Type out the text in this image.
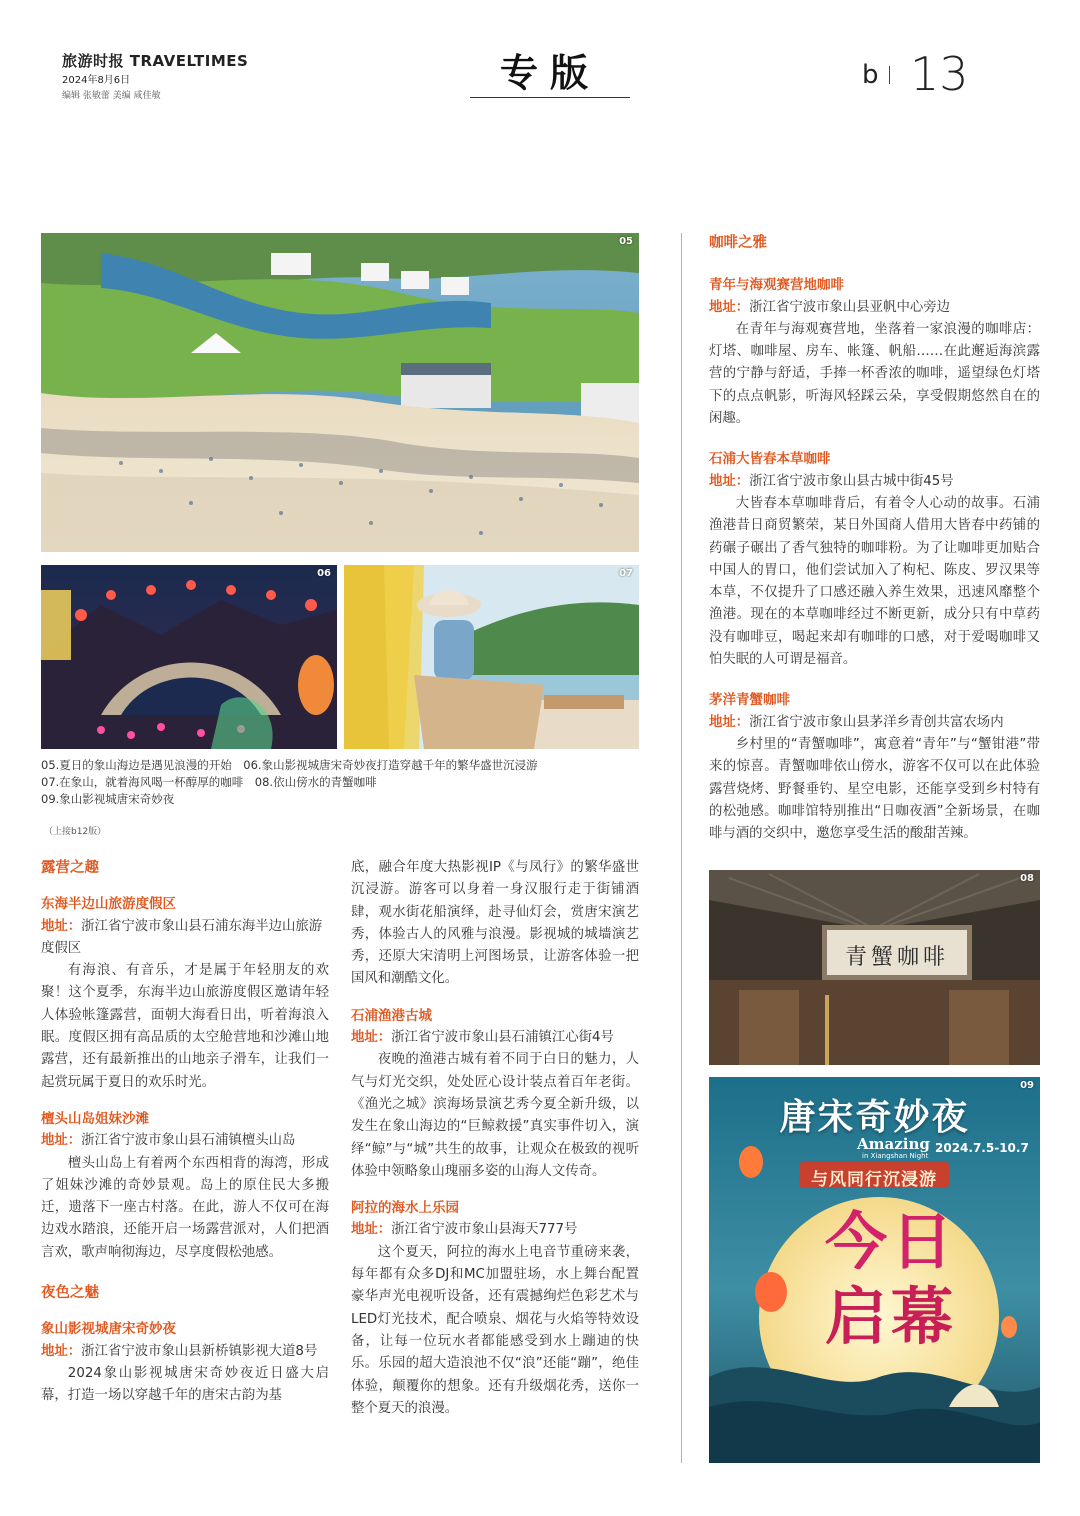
旅游时报 TRAVELTIMES
2024年8月6日
编辑 张敏蕾 美编 咸佳敏
专版	b 13
05
06	07
05.夏日的象山海边是遇见浪漫的开始　06.象山影视城唐宋奇妙夜打造穿越千年的繁华盛世沉浸游
07.在象山，就着海风喝一杯醇厚的咖啡　08.依山傍水的青蟹咖啡
09.象山影视城唐宋奇妙夜
（上接b12版）

露营之趣

东海半边山旅游度假区

地址：浙江省宁波市象山县石浦东海半边山旅游度假区

有海浪、有音乐，才是属于年轻朋友的欢聚！这个夏季，东海半边山旅游度假区邀请年轻人体验帐篷露营，面朝大海看日出，听着海浪入眠。度假区拥有高品质的太空舱营地和沙滩山地露营，还有最新推出的山地亲子滑车，让我们一起赏玩属于夏日的欢乐时光。

檀头山岛姐妹沙滩

地址：浙江省宁波市象山县石浦镇檀头山岛

檀头山岛上有着两个东西相背的海湾，形成了姐妹沙滩的奇妙景观。岛上的原住民大多搬迁，遗落下一座古村落。在此，游人不仅可在海边戏水踏浪，还能开启一场露营派对，人们把酒言欢，歌声响彻海边，尽享度假松弛感。

夜色之魅

象山影视城唐宋奇妙夜

地址：浙江省宁波市象山县新桥镇影视大道8号

2024象山影视城唐宋奇妙夜近日盛大启幕，打造一场以穿越千年的唐宋古韵为基

底，融合年度大热影视IP《与凤行》的繁华盛世沉浸游。游客可以身着一身汉服行走于街铺酒肆，观水街花船演绎，赴寻仙灯会，赏唐宋演艺秀，体验古人的风雅与浪漫。影视城的城墙演艺秀，还原大宋清明上河图场景，让游客体验一把国风和潮酷文化。

石浦渔港古城

地址：浙江省宁波市象山县石浦镇江心街4号

夜晚的渔港古城有着不同于白日的魅力，人气与灯光交织，处处匠心设计装点着百年老街。《渔光之城》滨海场景演艺秀今夏全新升级，以发生在象山海边的“巨鲸救援”真实事件切入，演绎“鲸”与“城”共生的故事，让观众在极致的视听体验中领略象山瑰丽多姿的山海人文传奇。

阿拉的海水上乐园

地址：浙江省宁波市象山县海天777号

这个夏天，阿拉的海水上电音节重磅来袭，每年都有众多DJ和MC加盟驻场，水上舞台配置豪华声光电视听设备，还有震撼绚烂色彩艺术与LED灯光技术，配合喷泉、烟花与火焰等特效设备，让每一位玩水者都能感受到水上蹦迪的快乐。乐园的超大造浪池不仅“浪”还能“蹦”，绝佳体验，颠覆你的想象。还有升级烟花秀，送你一整个夏天的浪漫。

咖啡之雅

青年与海观赛营地咖啡

地址：浙江省宁波市象山县亚帆中心旁边

在青年与海观赛营地，坐落着一家浪漫的咖啡店：灯塔、咖啡屋、房车、帐篷、帆船……在此邂逅海滨露营的宁静与舒适，手捧一杯香浓的咖啡，遥望绿色灯塔下的点点帆影，听海风轻踩云朵，享受假期悠然自在的闲趣。

石浦大皆春本草咖啡

地址：浙江省宁波市象山县古城中街45号

大皆春本草咖啡背后，有着令人心动的故事。石浦渔港昔日商贸繁荣，某日外国商人借用大皆春中药铺的药碾子碾出了香气独特的咖啡粉。为了让咖啡更加贴合中国人的胃口，他们尝试加入了枸杞、陈皮、罗汉果等本草，不仅提升了口感还融入养生效果，迅速风靡整个渔港。现在的本草咖啡经过不断更新，成分只有中草药没有咖啡豆，喝起来却有咖啡的口感，对于爱喝咖啡又怕失眠的人可谓是福音。

茅洋青蟹咖啡

地址：浙江省宁波市象山县茅洋乡青创共富农场内

乡村里的“青蟹咖啡”，寓意着“青年”与“蟹钳港”带来的惊喜。青蟹咖啡依山傍水，游客不仅可以在此体验露营烧烤、野餐垂钓、星空电影，还能享受到乡村特有的松弛感。咖啡馆特别推出“日咖夜酒”全新场景，在咖啡与酒的交织中，邀您享受生活的酸甜苦辣。

青蟹咖啡
08
唐宋奇妙夜
Amazing
in Xiangshan Night
2024.7.5-10.7
与风同行沉浸游
今日
启幕
09
